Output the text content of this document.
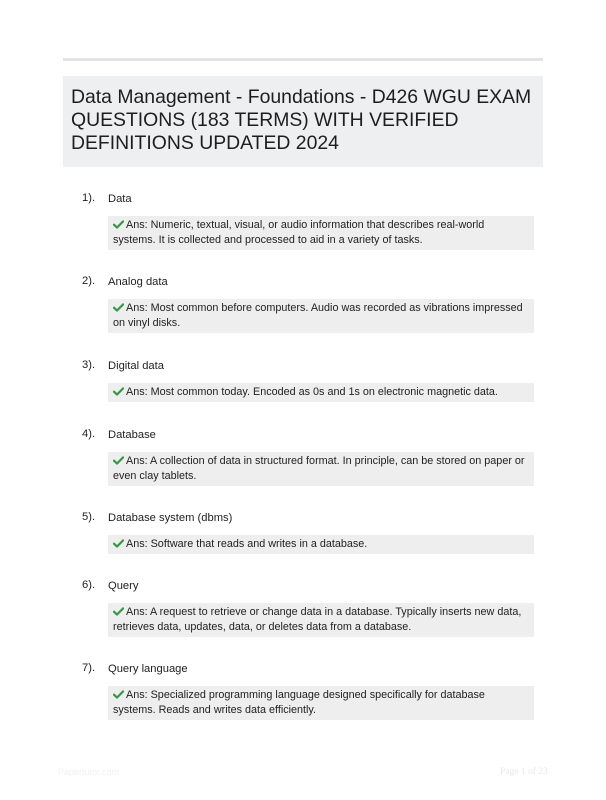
Data Management - Foundations - D426 WGU EXAM QUESTIONS (183 TERMS) WITH VERIFIED DEFINITIONS UPDATED 2024
1). Data
Ans: Numeric, textual, visual, or audio information that describes real-world systems. It is collected and processed to aid in a variety of tasks.
2). Analog data
Ans: Most common before computers. Audio was recorded as vibrations impressed on vinyl disks.
3). Digital data
Ans: Most common today. Encoded as 0s and 1s on electronic magnetic data.
4). Database
Ans: A collection of data in structured format. In principle, can be stored on paper or even clay tablets.
5). Database system (dbms)
Ans: Software that reads and writes in a database.
6). Query
Ans: A request to retrieve or change data in a database. Typically inserts new data, retrieves data, updates, data, or deletes data from a database.
7). Query language
Ans: Specialized programming language designed specifically for database systems. Reads and writes data efficiently.
Papertutor.com	Page 1 of 23
